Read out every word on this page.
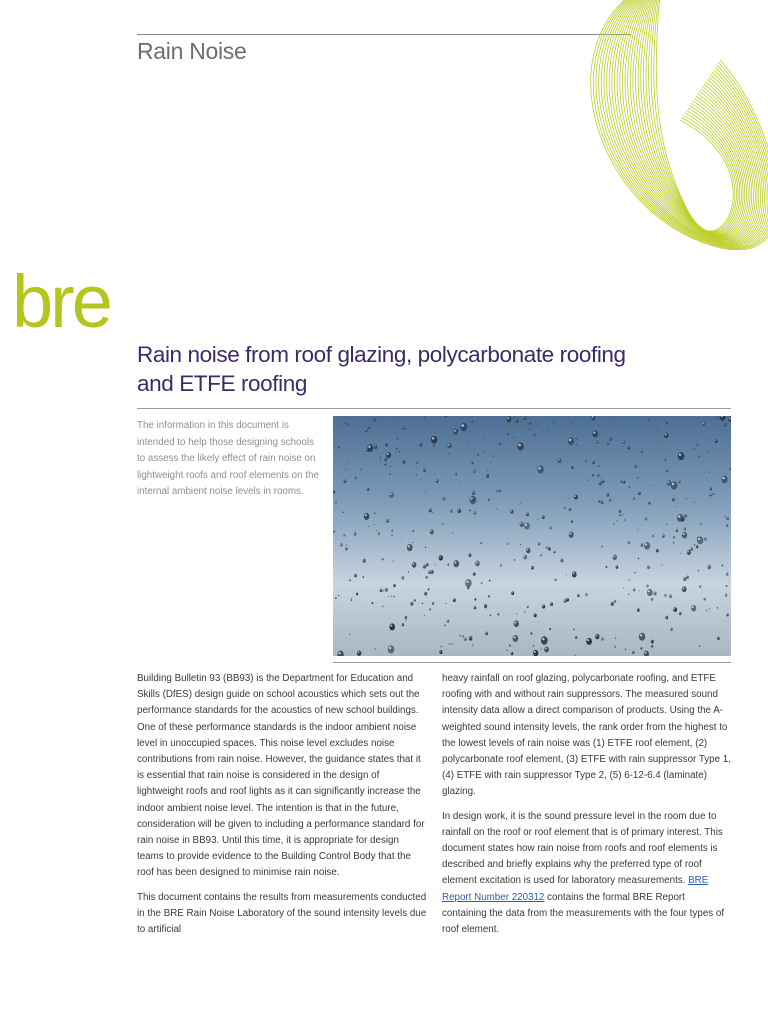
Rain Noise
bre
Rain noise from roof glazing, polycarbonate roofing
and ETFE roofing

The information in this document is intended to help those designing schools to assess the likely effect of rain noise on lightweight roofs and roof elements on the internal ambient noise levels in rooms.

Building Bulletin 93 (BB93) is the Department for Education and Skills (DfES) design guide on school acoustics which sets out the performance standards for the acoustics of new school buildings. One of these performance standards is the indoor ambient noise level in unoccupied spaces. This noise level excludes noise contributions from rain noise. However, the guidance states that it is essential that rain noise is considered in the design of lightweight roofs and roof lights as it can significantly increase the indoor ambient noise level. The intention is that in the future, consideration will be given to including a performance standard for rain noise in BB93. Until this time, it is appropriate for design teams to provide evidence to the Building Control Body that the roof has been designed to minimise rain noise.

This document contains the results from measurements conducted in the BRE Rain Noise Laboratory of the sound intensity levels due to artificial

heavy rainfall on roof glazing, polycarbonate roofing, and ETFE roofing with and without rain suppressors. The measured sound intensity data allow a direct comparison of products. Using the A-weighted sound intensity levels, the rank order from the highest to the lowest levels of rain noise was (1) ETFE roof element, (2) polycarbonate roof element, (3) ETFE with rain suppressor Type 1, (4) ETFE with rain suppressor Type 2, (5) 6-12-6.4 (laminate) glazing.

In design work, it is the sound pressure level in the room due to rainfall on the roof or roof element that is of primary interest. This document states how rain noise from roofs and roof elements is described and briefly explains why the preferred type of roof element excitation is used for laboratory measurements. BRE Report Number 220312 contains the formal BRE Report containing the data from the measurements with the four types of roof element.
